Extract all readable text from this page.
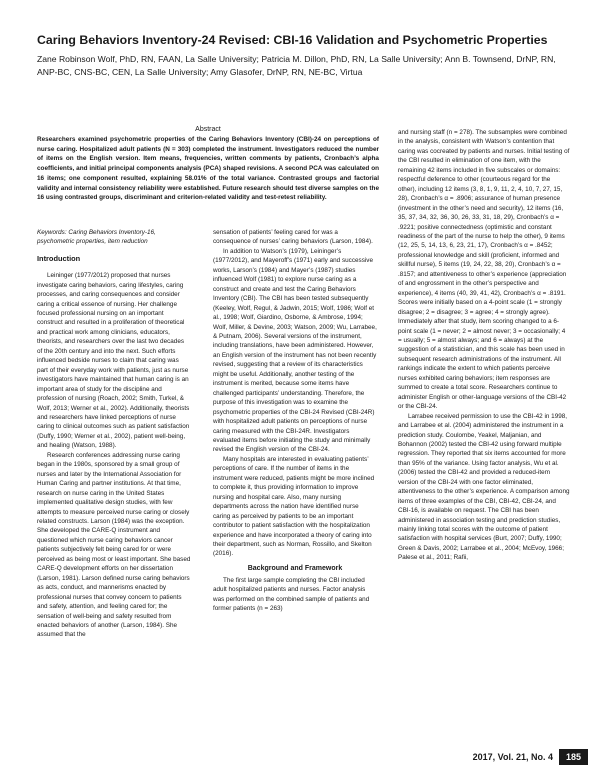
Caring Behaviors Inventory-24 Revised: CBI-16 Validation and Psychometric Properties

Zane Robinson Wolf, PhD, RN, FAAN, La Salle University; Patricia M. Dillon, PhD, RN, La Salle University; Ann B. Townsend, DrNP, RN, ANP-BC, CNS-BC, CEN, La Salle University; Amy Glasofer, DrNP, RN, NE-BC, Virtua

Abstract

Researchers examined psychometric properties of the Caring Behaviors Inventory (CBI)-24 on perceptions of nurse caring. Hospitalized adult patients (N = 303) completed the instrument. Investigators reduced the number of items on the English version. Item means, frequencies, written comments by patients, Cronbach’s alpha coefficients, and initial principal components analysis (PCA) shaped revisions. A second PCA was calculated on 16 items; one component resulted, explaining 58.01% of the total variance. Contrasted groups and factorial validity and internal consistency reliability were established. Future research should test diverse samples on the 16 using contrasted groups, discriminant and criterion-related validity and test-retest reliability.

Keywords: Caring Behaviors Inventory-16, psychometric properties, item reduction

Introduction

Leininger (1977/2012) proposed that nurses investigate caring behaviors, caring lifestyles, caring processes, and caring consequences and consider caring a critical essence of nursing. Her challenge focused professional nursing on an important construct and resulted in a proliferation of theoretical and practical work among clinicians, educators, theorists, and researchers over the last two decades of the 20th century and into the next. Such efforts influenced bedside nurses to claim that caring was part of their everyday work with patients, just as nurse investigators have maintained that human caring is an important area of study for the discipline and profession of nursing (Roach, 2002; Smith, Turkel, & Wolf, 2013; Werner et al., 2002). Additionally, theorists and researchers have linked perceptions of nurse caring to clinical outcomes such as patient satisfaction (Duffy, 1990; Werner et al., 2002), patient well-being, and healing (Watson, 1988).

Research conferences addressing nurse caring began in the 1980s, sponsored by a small group of nurses and later by the International Association for Human Caring and partner institutions. At that time, research on nurse caring in the United States implemented qualitative design studies, with few attempts to measure perceived nurse caring or closely related constructs. Larson (1984) was the exception. She developed the CARE-Q instrument and questioned which nurse caring behaviors cancer patients subjectively felt being cared for or were perceived as being most or least important. She based CARE-Q development efforts on her dissertation (Larson, 1981). Larson defined nurse caring behaviors as acts, conduct, and mannerisms enacted by professional nurses that convey concern to patients and safety, attention, and feeling cared for; the sensation of well-being and safety resulted from enacted behaviors of another (Larson, 1984). She assumed that the

sensation of patients’ feeling cared for was a consequence of nurses’ caring behaviors (Larson, 1984).

In addition to Watson’s (1979), Leininger’s (1977/2012), and Mayeroff’s (1971) early and successive works, Larson’s (1984) and Mayer’s (1987) studies influenced Wolf (1981) to explore nurse caring as a construct and create and test the Caring Behaviors Inventory (CBI). The CBI has been tested subsequently (Keeley, Wolf, Regul, & Jadwin, 2015; Wolf, 1986; Wolf et al., 1998; Wolf, Giardino, Osborne, & Ambrose, 1994; Wolf, Miller, & Devine, 2003; Watson, 2009; Wu, Larrabee, & Putnam, 2006). Several versions of the instrument, including translations, have been administered. However, an English version of the instrument has not been recently revised, suggesting that a review of its characteristics might be useful. Additionally, another testing of the instrument is merited, because some items have challenged participants’ understanding. Therefore, the purpose of this investigation was to examine the psychometric properties of the CBI-24 Revised (CBI-24R) with hospitalized adult patients on perceptions of nurse caring measured with the CBI-24R. Investigators evaluated items before initiating the study and minimally revised the English version of the CBI-24.

Many hospitals are interested in evaluating patients’ perceptions of care. If the number of items in the instrument were reduced, patients might be more inclined to complete it, thus providing information to improve nursing and hospital care. Also, many nursing departments across the nation have identified nurse caring as perceived by patients to be an important contributor to patient satisfaction with the hospitalization experience and have incorporated a theory of caring into their department, such as Norman, Rossillo, and Skelton (2016).

Background and Framework

The first large sample completing the CBI included adult hospitalized patients and nurses. Factor analysis was performed on the combined sample of patients and former patients (n = 263)

and nursing staff (n = 278). The subsamples were combined in the analysis, consistent with Watson’s contention that caring was cocreated by patients and nurses. Initial testing of the CBI resulted in elimination of one item, with the remaining 42 items included in five subscales or domains: respectful deference to other (courteous regard for the other), including 12 items (3, 8, 1, 9, 11, 2, 4, 10, 7, 27, 15, 28), Cronbach’s α = .8906; assurance of human presence (investment in the other’s need and security), 12 items (16, 35, 37, 34, 32, 36, 30, 26, 33, 31, 18, 29), Cronbach’s α = .9221; positive connectedness (optimistic and constant readiness of the part of the nurse to help the other), 9 items (12, 25, 5, 14, 13, 6, 23, 21, 17), Cronbach’s α = .8452; professional knowledge and skill (proficient, informed and skillful nurse), 5 items (19, 24, 22, 38, 20), Cronbach’s α = .8157; and attentiveness to other’s experience (appreciation of and engrossment in the other’s perspective and experience), 4 items (40, 39, 41, 42), Cronbach’s α = .8191. Scores were initially based on a 4-point scale (1 = strongly disagree; 2 = disagree; 3 = agree; 4 = strongly agree). Immediately after that study, item scoring changed to a 6-point scale (1 = never; 2 = almost never; 3 = occasionally; 4 = usually; 5 = almost always; and 6 = always) at the suggestion of a statistician, and this scale has been used in subsequent research administrations of the instrument. All rankings indicate the extent to which patients perceive nurses exhibited caring behaviors; item responses are summed to create a total score. Researchers continue to administer English or other-language versions of the CBI-42 or the CBI-24.

Larrabee received permission to use the CBI-42 in 1998, and Larrabee et al. (2004) administered the instrument in a prediction study. Coulombe, Yeakel, Maljanian, and Bohannon (2002) tested the CBI-42 using forward multiple regression. They reported that six items accounted for more than 95% of the variance. Using factor analysis, Wu et al. (2006) tested the CBI-42 and provided a reduced-item version of the CBI-24 with one factor eliminated, attentiveness to the other’s experience. A comparison among items of three examples of the CBI, CBI-42, CBI-24, and CBI-16, is available on request. The CBI has been administered in association testing and prediction studies, mainly linking total scores with the outcome of patient satisfaction with hospital services (Burt, 2007; Duffy, 1990; Green & Davis, 2002; Larrabee et al., 2004; McEvoy, 1966; Palese et al., 2011; Rafii,

2017, Vol. 21, No. 4	185
